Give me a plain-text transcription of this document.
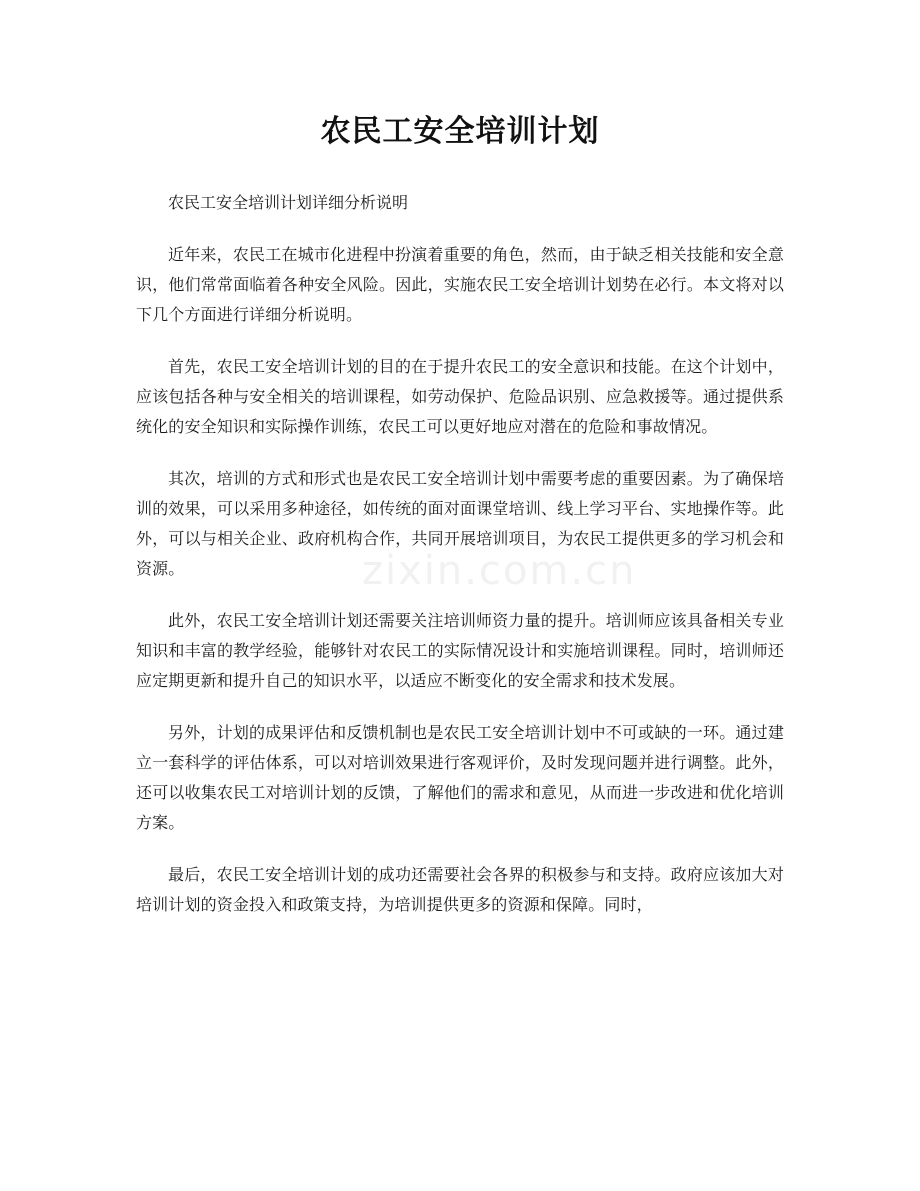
农民工安全培训计划

农民工安全培训计划详细分析说明

近年来，农民工在城市化进程中扮演着重要的角色，然而，由于缺乏相关技能和安全意识，他们常常面临着各种安全风险。因此，实施农民工安全培训计划势在必行。本文将对以下几个方面进行详细分析说明。

首先，农民工安全培训计划的目的在于提升农民工的安全意识和技能。在这个计划中，应该包括各种与安全相关的培训课程，如劳动保护、危险品识别、应急救援等。通过提供系统化的安全知识和实际操作训练，农民工可以更好地应对潜在的危险和事故情况。

其次，培训的方式和形式也是农民工安全培训计划中需要考虑的重要因素。为了确保培训的效果，可以采用多种途径，如传统的面对面课堂培训、线上学习平台、实地操作等。此外，可以与相关企业、政府机构合作，共同开展培训项目，为农民工提供更多的学习机会和资源。

此外，农民工安全培训计划还需要关注培训师资力量的提升。培训师应该具备相关专业知识和丰富的教学经验，能够针对农民工的实际情况设计和实施培训课程。同时，培训师还应定期更新和提升自己的知识水平，以适应不断变化的安全需求和技术发展。

另外，计划的成果评估和反馈机制也是农民工安全培训计划中不可或缺的一环。通过建立一套科学的评估体系，可以对培训效果进行客观评价，及时发现问题并进行调整。此外，还可以收集农民工对培训计划的反馈，了解他们的需求和意见，从而进一步改进和优化培训方案。

最后，农民工安全培训计划的成功还需要社会各界的积极参与和支持。政府应该加大对培训计划的资金投入和政策支持，为培训提供更多的资源和保障。同时，

zixin.com.cn
